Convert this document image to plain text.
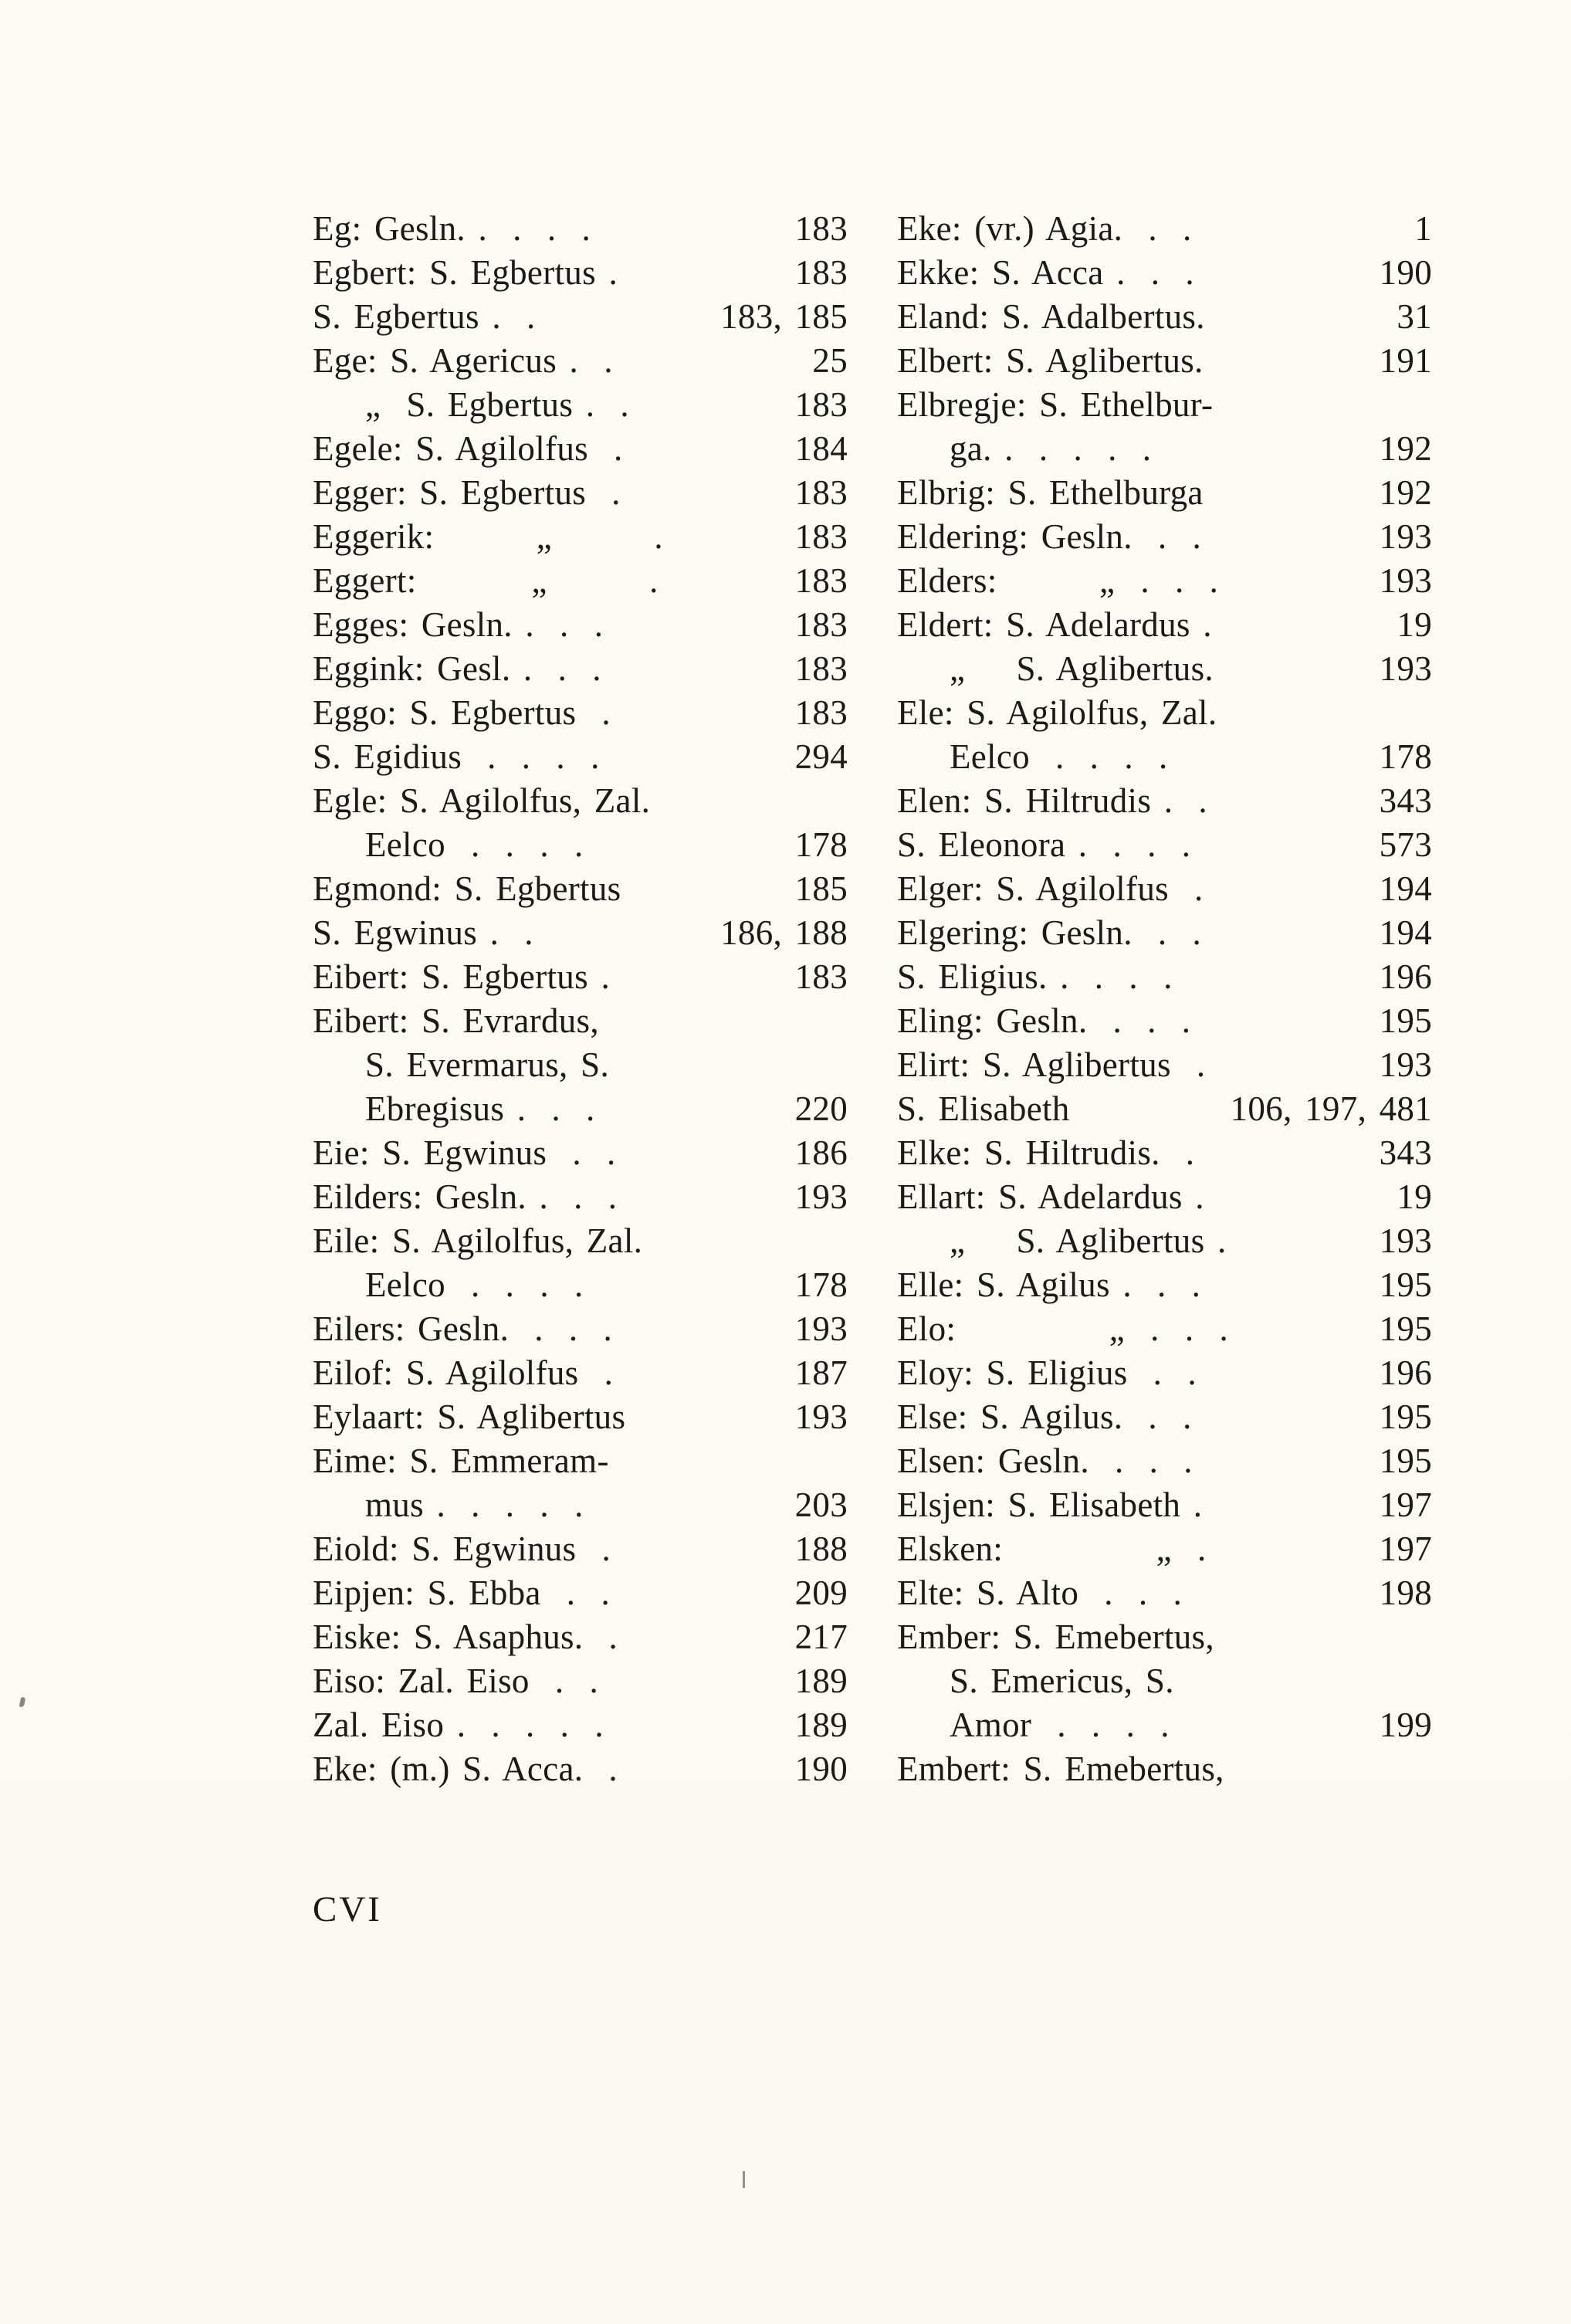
Eg: Gesln. .  .  .  .	183
Egbert: S. Egbertus .	183
S. Egbertus .  .	183, 185
Ege: S. Agericus .  .	25
„  S. Egbertus .  .	183
Egele: S. Agilolfus  .	184
Egger: S. Egbertus  .	183
Eggerik:        „        .	183
Eggert:         „        .	183
Egges: Gesln. .  .  .	183
Eggink: Gesl. .  .  .	183
Eggo: S. Egbertus  .	183
S. Egidius  .  .  .  .	294
Egle: S. Agilolfus, Zal.
Eelco  .  .  .  .	178
Egmond: S. Egbertus	185
S. Egwinus .  .	186, 188
Eibert: S. Egbertus .	183
Eibert: S. Evrardus,
S. Evermarus, S.
Ebregisus .  .  .	220
Eie: S. Egwinus  .  .	186
Eilders: Gesln. .  .  .	193
Eile: S. Agilolfus, Zal.
Eelco  .  .  .  .	178
Eilers: Gesln.  .  .  .	193
Eilof: S. Agilolfus  .	187
Eylaart: S. Aglibertus	193
Eime: S. Emmeram-
mus .  .  .  .  .	203
Eiold: S. Egwinus  .	188
Eipjen: S. Ebba  .  .	209
Eiske: S. Asaphus.  .	217
Eiso: Zal. Eiso  .  .	189
Zal. Eiso .  .  .  .  .	189
Eke: (m.) S. Acca.  .	190
Eke: (vr.) Agia.  .  .	1
Ekke: S. Acca .  .  .	190
Eland: S. Adalbertus.	31
Elbert: S. Aglibertus.	191
Elbregje: S. Ethelbur-
ga. .  .  .  .  .	192
Elbrig: S. Ethelburga	192
Eldering: Gesln.  .  .	193
Elders:        „  .  .  .	193
Eldert: S. Adelardus .	19
„    S. Aglibertus.	193
Ele: S. Agilolfus, Zal.
Eelco  .  .  .  .	178
Elen: S. Hiltrudis .  .	343
S. Eleonora .  .  .  .	573
Elger: S. Agilolfus  .	194
Elgering: Gesln.  .  .	194
S. Eligius. .  .  .  .	196
Eling: Gesln.  .  .  .	195
Elirt: S. Aglibertus  .	193
S. Elisabeth	106, 197, 481
Elke: S. Hiltrudis.  .	343
Ellart: S. Adelardus .	19
„    S. Aglibertus .	193
Elle: S. Agilus .  .  .	195
Elo:            „  .  .  .	195
Eloy: S. Eligius  .  .	196
Else: S. Agilus.  .  .	195
Elsen: Gesln.  .  .  .	195
Elsjen: S. Elisabeth .	197
Elsken:            „  .	197
Elte: S. Alto  .  .  .	198
Ember: S. Emebertus,
S. Emericus, S.
Amor  .  .  .  .	199
Embert: S. Emebertus,
CVI
